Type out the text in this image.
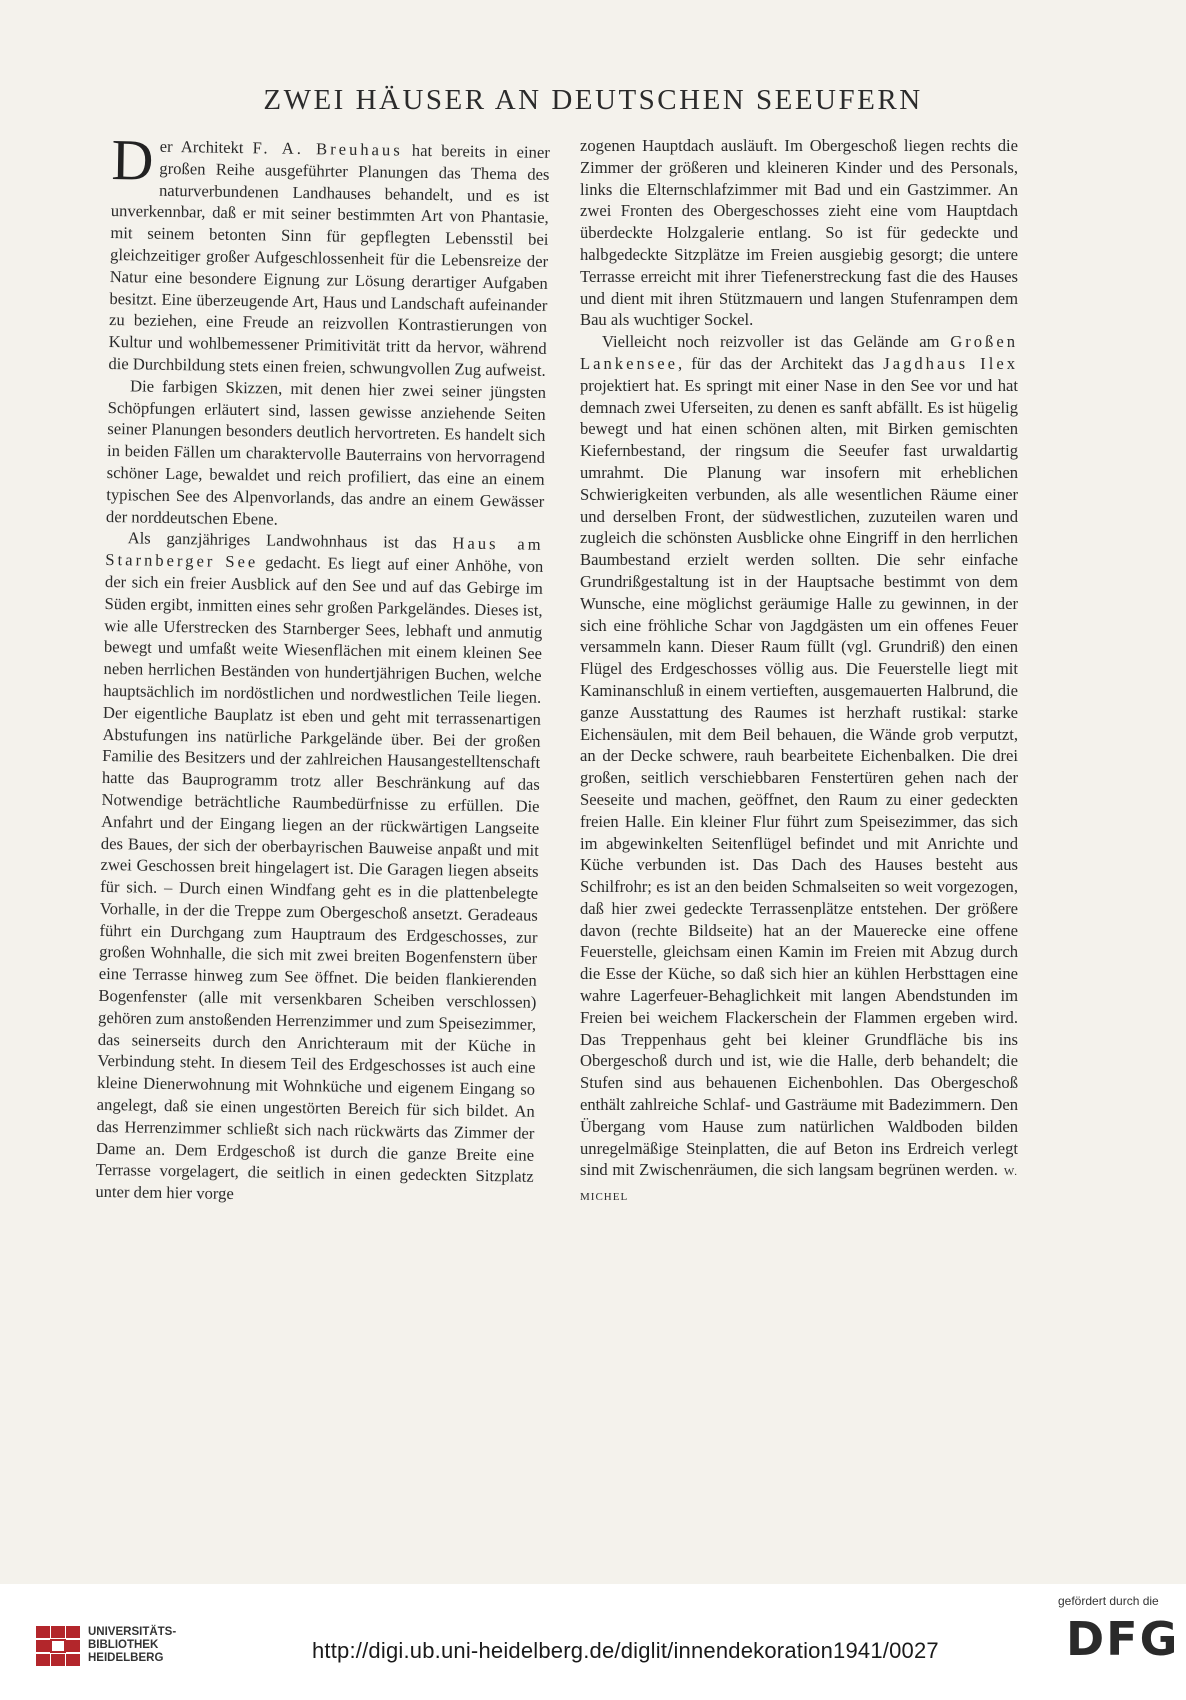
ZWEI HÄUSER AN DEUTSCHEN SEEUFERN

Der Architekt F. A. Breuhaus hat bereits in einer großen Reihe ausgeführter Planungen das Thema des naturverbundenen Landhauses behandelt, und es ist unverkennbar, daß er mit seiner bestimmten Art von Phantasie, mit seinem betonten Sinn für gepflegten Lebensstil bei gleichzeitiger großer Aufgeschlossenheit für die Lebensreize der Natur eine besondere Eignung zur Lösung derartiger Aufgaben besitzt. Eine überzeugende Art, Haus und Landschaft aufeinander zu beziehen, eine Freude an reizvollen Kontrastierungen von Kultur und wohlbemessener Primitivität tritt da hervor, während die Durchbildung stets einen freien, schwungvollen Zug aufweist.

Die farbigen Skizzen, mit denen hier zwei seiner jüngsten Schöpfungen erläutert sind, lassen gewisse anziehende Seiten seiner Planungen besonders deutlich hervortreten. Es handelt sich in beiden Fällen um charaktervolle Bauterrains von hervorragend schöner Lage, bewaldet und reich profiliert, das eine an einem typischen See des Alpenvorlands, das andre an einem Gewässer der norddeutschen Ebene.

Als ganzjähriges Landwohnhaus ist das Haus am Starnberger See gedacht. Es liegt auf einer Anhöhe, von der sich ein freier Ausblick auf den See und auf das Gebirge im Süden ergibt, inmitten eines sehr großen Parkgeländes. Dieses ist, wie alle Uferstrecken des Starnberger Sees, lebhaft und anmutig bewegt und umfaßt weite Wiesenflächen mit einem kleinen See neben herrlichen Beständen von hundertjährigen Buchen, welche hauptsächlich im nordöstlichen und nordwestlichen Teile liegen. Der eigentliche Bauplatz ist eben und geht mit terrassenartigen Abstufungen ins natürliche Parkgelände über. Bei der großen Familie des Besitzers und der zahlreichen Hausangestelltenschaft hatte das Bauprogramm trotz aller Beschränkung auf das Notwendige beträchtliche Raumbedürfnisse zu erfüllen. Die Anfahrt und der Eingang liegen an der rückwärtigen Langseite des Baues, der sich der oberbayrischen Bauweise anpaßt und mit zwei Geschossen breit hingelagert ist. Die Garagen liegen abseits für sich. – Durch einen Windfang geht es in die plattenbelegte Vorhalle, in der die Treppe zum Obergeschoß ansetzt. Geradeaus führt ein Durchgang zum Hauptraum des Erdgeschosses, zur großen Wohnhalle, die sich mit zwei breiten Bogenfenstern über eine Terrasse hinweg zum See öffnet. Die beiden flankierenden Bogenfenster (alle mit versenkbaren Scheiben verschlossen) gehören zum anstoßenden Herrenzimmer und zum Speisezimmer, das seinerseits durch den Anrichteraum mit der Küche in Verbindung steht. In diesem Teil des Erdgeschosses ist auch eine kleine Dienerwohnung mit Wohnküche und eigenem Eingang so angelegt, daß sie einen ungestörten Bereich für sich bildet. An das Herrenzimmer schließt sich nach rückwärts das Zimmer der Dame an. Dem Erdgeschoß ist durch die ganze Breite eine Terrasse vorgelagert, die seitlich in einen gedeckten Sitzplatz unter dem hier vorge

zogenen Hauptdach ausläuft. Im Obergeschoß liegen rechts die Zimmer der größeren und kleineren Kinder und des Personals, links die Elternschlafzimmer mit Bad und ein Gastzimmer. An zwei Fronten des Obergeschosses zieht eine vom Hauptdach überdeckte Holzgalerie entlang. So ist für gedeckte und halbgedeckte Sitzplätze im Freien ausgiebig gesorgt; die untere Terrasse erreicht mit ihrer Tiefenerstreckung fast die des Hauses und dient mit ihren Stützmauern und langen Stufenrampen dem Bau als wuchtiger Sockel.

Vielleicht noch reizvoller ist das Gelände am Großen Lankensee, für das der Architekt das Jagdhaus Ilex projektiert hat. Es springt mit einer Nase in den See vor und hat demnach zwei Uferseiten, zu denen es sanft abfällt. Es ist hügelig bewegt und hat einen schönen alten, mit Birken gemischten Kiefernbestand, der ringsum die Seeufer fast urwaldartig umrahmt. Die Planung war insofern mit erheblichen Schwierigkeiten verbunden, als alle wesentlichen Räume einer und derselben Front, der südwestlichen, zuzuteilen waren und zugleich die schönsten Ausblicke ohne Eingriff in den herrlichen Baumbestand erzielt werden sollten. Die sehr einfache Grundrißgestaltung ist in der Hauptsache bestimmt von dem Wunsche, eine möglichst geräumige Halle zu gewinnen, in der sich eine fröhliche Schar von Jagdgästen um ein offenes Feuer versammeln kann. Dieser Raum füllt (vgl. Grundriß) den einen Flügel des Erdgeschosses völlig aus. Die Feuerstelle liegt mit Kaminanschluß in einem vertieften, ausgemauerten Halbrund, die ganze Ausstattung des Raumes ist herzhaft rustikal: starke Eichensäulen, mit dem Beil behauen, die Wände grob verputzt, an der Decke schwere, rauh bearbeitete Eichenbalken. Die drei großen, seitlich verschiebbaren Fenstertüren gehen nach der Seeseite und machen, geöffnet, den Raum zu einer gedeckten freien Halle. Ein kleiner Flur führt zum Speisezimmer, das sich im abgewinkelten Seitenflügel befindet und mit Anrichte und Küche verbunden ist. Das Dach des Hauses besteht aus Schilfrohr; es ist an den beiden Schmalseiten so weit vorgezogen, daß hier zwei gedeckte Terrassenplätze entstehen. Der größere davon (rechte Bildseite) hat an der Mauerecke eine offene Feuerstelle, gleichsam einen Kamin im Freien mit Abzug durch die Esse der Küche, so daß sich hier an kühlen Herbsttagen eine wahre Lagerfeuer-Behaglichkeit mit langen Abendstunden im Freien bei weichem Flackerschein der Flammen ergeben wird. Das Treppenhaus geht bei kleiner Grundfläche bis ins Obergeschoß durch und ist, wie die Halle, derb behandelt; die Stufen sind aus behauenen Eichenbohlen. Das Obergeschoß enthält zahlreiche Schlaf- und Gasträume mit Badezimmern. Den Übergang vom Hause zum natürlichen Waldboden bilden unregelmäßige Steinplatten, die auf Beton ins Erdreich verlegt sind mit Zwischenräumen, die sich langsam begrünen werden. W. MICHEL

UNIVERSITÄTS-
BIBLIOTHEK
HEIDELBERG	http://digi.ub.uni-heidelberg.de/diglit/innendekoration1941/0027
gefördert durch die
DFG
